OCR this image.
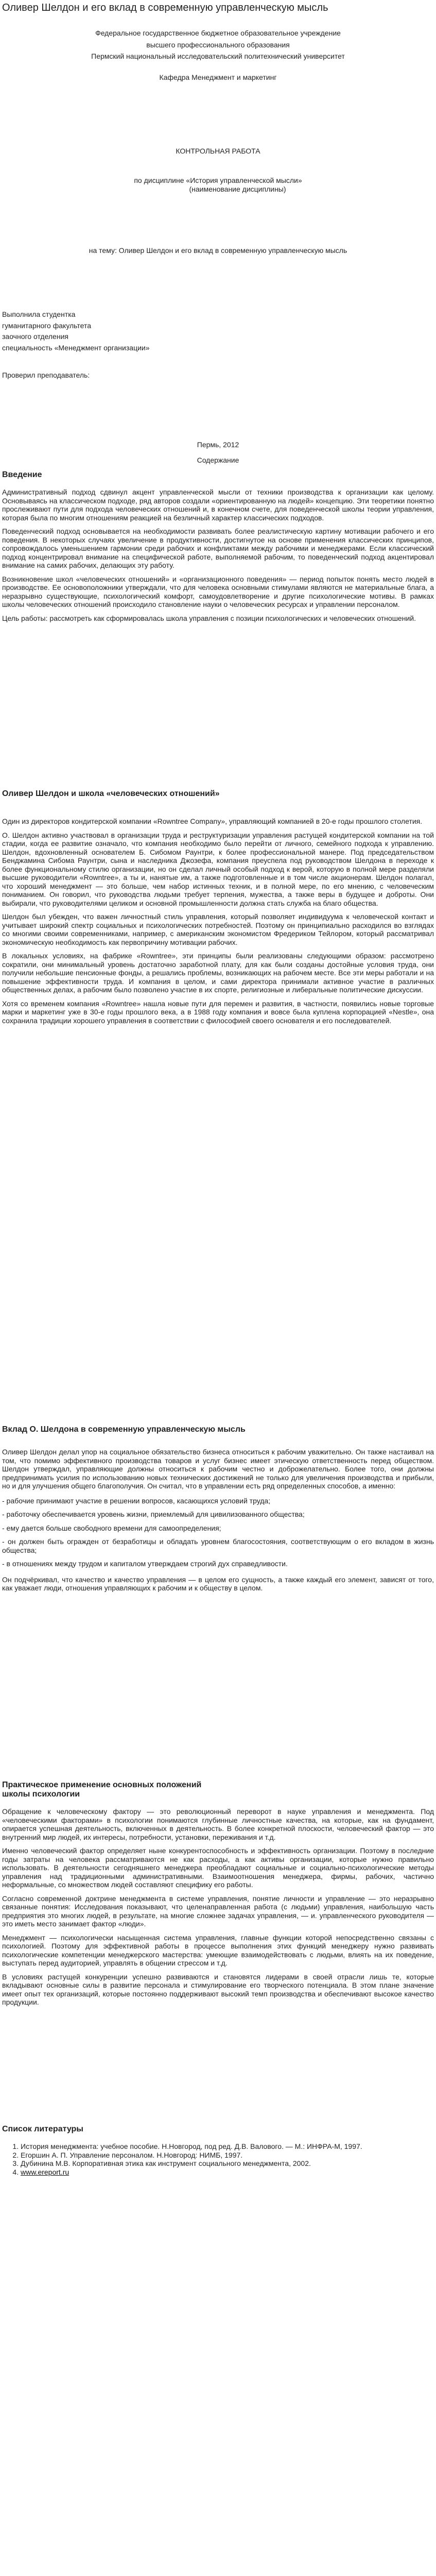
Оливер Шелдон и его вклад в современную управленческую мысль

Федеральное государственное бюджетное образовательное учреждение

высшего профессионального образования

Пермский национальный исследовательский политехнический университет

Кафедра Менеджмент и маркетинг

КОНТРОЛЬНАЯ РАБОТА

по дисциплине «История управленческой мысли»

(наименование дисциплины)

на тему: Оливер Шелдон и его вклад в современную управленческую мысль

Выполнила студентка

гуманитарного факультета

заочного отделения

специальность «Менеджмент организации»

Проверил преподаватель:

Пермь, 2012

Содержание

Введение

Административный подход сдвинул акцент управленческой мысли от техники производства к организации как целому. Основываясь на классическом подходе, ряд авторов создали «ориентированную на людей» концепцию. Эти теоретики понятно прослеживают пути для подхода человеческих отношений и, в конечном счете, для поведенческой школы теории управления, которая была по многим отношениям реакцией на безличный характер классических подходов.

Поведенческий подход основывается на необходимости развивать более реалистическую картину мотивации рабочего и его поведения. В некоторых случаях увеличение в продуктивности, достигнутое на основе применения классических принципов, сопровождалось уменьшением гармонии среди рабочих и конфликтами между рабочими и менеджерами. Если классический подход концентрировал внимание на специфической работе, выполняемой рабочим, то поведенческий подход акцентировал внимание на самих рабочих, делающих эту работу.

Возникновение школ «человеческих отношений» и «организационного поведения» — период попыток понять место людей в производстве. Ее основоположники утверждали, что для человека основными стимулами являются не материальные блага, а неразрывно существующие, психологический комфорт, самоудовлетворение и другие психологические мотивы. В рамках школы человеческих отношений происходило становление науки о человеческих ресурсах и управлении персоналом.

Цель работы: рассмотреть как сформировалась школа управления с позиции психологических и человеческих отношений.

Оливер Шелдон и школа «человеческих отношений»

Один из директоров кондитерской компании «Rowntree Company», управляющий компанией в 20-е годы прошлого столетия.

О. Шелдон активно участвовал в организации труда и реструктуризации управления растущей кондитерской компании на той стадии, когда ее развитие означало, что компания необходимо было перейти от личного, семейного подхода к управлению. Шелдон, вдохновленный основателем Б. Сибомом Раунтри, к более профессиональной манере. Под председательством Бенджамина Сибома Раунтри, сына и наследника Джозефа, компания преуспела под руководством Шелдона в переходе к более функциональному стилю организации, но он сделал личный особый подход к верой, которую в полной мере разделяли высшие руководители «Rowntree», а ты и, нанятые им, а также подготовленные и в том числе акционерам. Шелдон полагал, что хороший менеджмент — это больше, чем набор истинных техник, и в полной мере, по его мнению, с человеческим пониманием. Он говорил, что руководства людьми требует терпения, мужества, а также веры в будущее и доброты. Они выбирали, что руководителями целиком и основной промышленности должна стать служба на благо общества.

Шелдон был убежден, что важен личностный стиль управления, который позволяет индивидуума к человеческой контакт и учитывает широкий спектр социальных и психологических потребностей. Поэтому он принципиально расходился во взглядах со многими своими современниками, например, с американским экономистом Фредериком Тейлором, который рассматривал экономическую необходимость как первопричину мотивации рабочих.

В локальных условиях, на фабрике «Rowntree», эти принципы были реализованы следующими образом: рассмотрено сократили, они минимальный уровень достаточно заработной плату, для как были созданы достойные условия труда, они получили небольшие пенсионные фонды, а решались проблемы, возникающих на рабочем месте. Все эти меры работали и на повышение эффективности труда. И компания в целом, и сами директора принимали активное участие в различных общественных делах, а рабочим было позволено участие в их спорте, религиозные и либеральные политические дискуссии.

Хотя со временем компания «Rowntree» нашла новые пути для перемен и развития, в частности, появились новые торговые марки и маркетинг уже в 30-е годы прошлого века, а в 1988 году компания и вовсе была куплена корпорацией «Nestle», она сохранила традиции хорошего управления в соответствии с философией своего основателя и его последователей.

Вклад О. Шелдона в современную управленческую мысль

Оливер Шелдон делал упор на социальное обязательство бизнеса относиться к рабочим уважительно. Он также настаивал на том, что помимо эффективного производства товаров и услуг бизнес имеет этическую ответственность перед обществом. Шелдон утверждал, управляющие должны относиться к рабочим честно и доброжелательно. Более того, они должны предпринимать усилия по использованию новых технических достижений не только для увеличения производства и прибыли, но и для улучшения общего благополучия. Он считал, что в управлении есть ряд определенных способов, а именно:

- рабочие принимают участие в решении вопросов, касающихся условий труда;

- работочку обеспечивается уровень жизни, приемлемый для цивилизованного общества;

- ему дается больше свободного времени для самоопределения;

- он должен быть огражден от безработицы и обладать уровнем благосостояния, соответствующим о его вкладом в жизнь общества;

- в отношениях между трудом и капиталом утверждаем строгий дух справедливости.

Он подчёркивал, что качество и качество управления — в целом его сущность, а также каждый его элемент, зависят от того, как уважает люди, отношения управляющих к рабочим и к обществу в целом.

Практическое применение основных положений школы психологии

Обращение к человеческому фактору — это революционный переворот в науке управления и менеджмента. Под «человеческими факторами» в психологии понимаются глубинные личностные качества, на которые, как на фундамент, опирается успешная деятельность, включенных в деятельность. В более конкретной плоскости, человеческий фактор — это внутренний мир людей, их интересы, потребности, установки, переживания и т.д.

Именно человеческий фактор определяет ныне конкурентоспособность и эффективность организации. Поэтому в последние годы затраты на человека рассматриваются не как расходы, а как активы организации, которые нужно правильно использовать. В деятельности сегодняшнего менеджера преобладают социальные и социально-психологические методы управления над традиционными административными. Взаимоотношения менеджера, фирмы, рабочих, частично неформальные, со множеством людей составляют специфику его работы.

Согласно современной доктрине менеджмента в системе управления, понятие личности и управление — это неразрывно связанные понятия: Исследования показывают, что целенаправленная работа (с людьми) управления, наибольшую часть предприятия это многих людей, в результате, на многие сложнее задачах управления, — и. управленческого руководителя — это иметь место занимает фактор «люди».

Менеджмент — психологически насыщенная система управления, главные функции которой непосредственно связаны с психологией. Поэтому для эффективной работы в процессе выполнения этих функций менеджеру нужно развивать психологические компетенции менеджерского мастерства: умеющие взаимодействовать с людьми, влиять на их поведение, выступать перед аудиторией, управлять в общении стрессом и т.д.

В условиях растущей конкуренции успешно развиваются и становятся лидерами в своей отрасли лишь те, которые вкладывают основные силы в развитие персонала и стимулирование его творческого потенциала. В этом плане значение имеет опыт тех организаций, которые постоянно поддерживают высокий темп производства и обеспечивают высокое качество продукции.

Список литературы
1. История менеджмента: учебное пособие. Н.Новгород, под ред. Д.В. Валового. — М.: ИНФРА-М, 1997.
2. Егоршин А. П. Управление персоналом. Н.Новгород: НИМБ, 1997.
3. Дубинина М.В. Корпоративная этика как инструмент социального менеджмента, 2002.
4. www.ereport.ru
